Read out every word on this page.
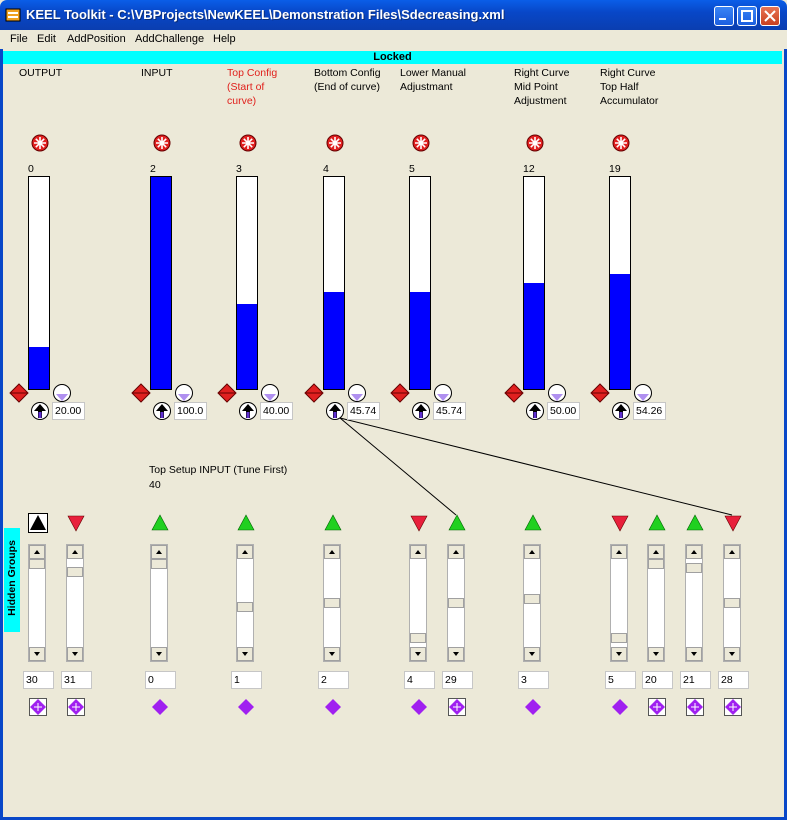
KEEL Toolkit - C:\VBProjects\NewKEEL\Demonstration Files\Sdecreasing.xml
File Edit AddPosition AddChallenge Help
Locked
OUTPUT
0
20.00
INPUT
2
100.0
Top Config
(Start of
curve)
3
40.00
Bottom Config
(End of curve)
4
45.74
Lower Manual
Adjustmant
5
45.74
Right Curve
Mid Point
Adjustment
12
50.00
Right Curve
Top Half
Accumulator
19
54.26
Top Setup INPUT (Tune First)
40
Hidden Groups
30	31	0	1	2	4	29	3	5	20	21	28
